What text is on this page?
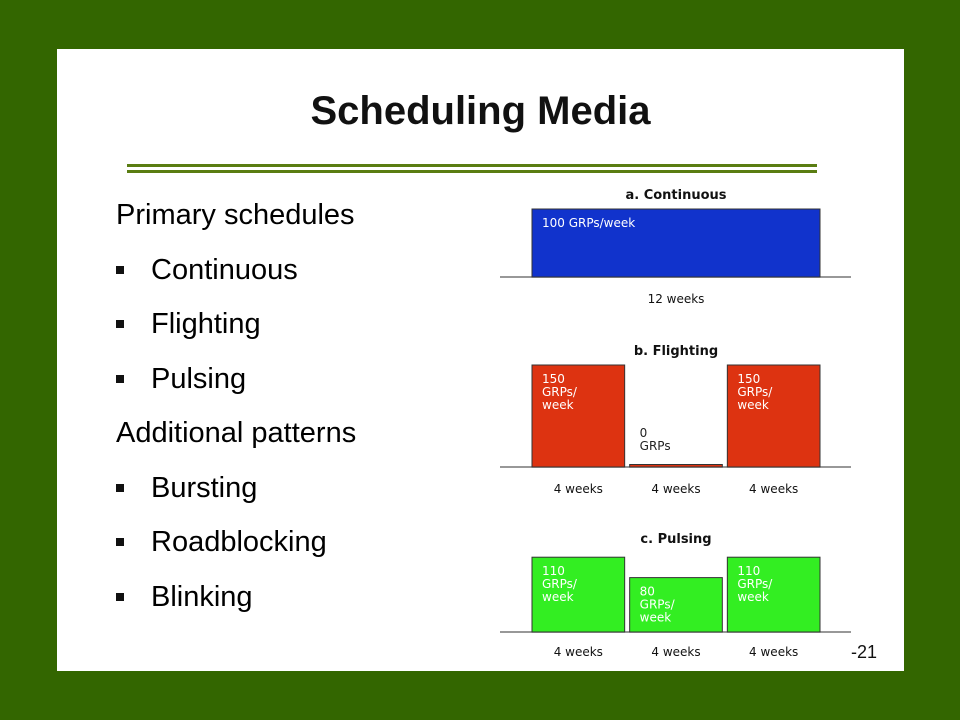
Scheduling Media
Primary schedules
Continuous
Flighting
Pulsing
Additional patterns
Bursting
Roadblocking
Blinking
a. Continuous
100 GRPs/week
12 weeks
b. Flighting
150 GRPs/ week
4 weeks
0 GRPs
4 weeks
150 GRPs/ week
4 weeks
c. Pulsing
110 GRPs/ week
4 weeks
80 GRPs/ week
4 weeks
110 GRPs/ week
4 weeks	-21
